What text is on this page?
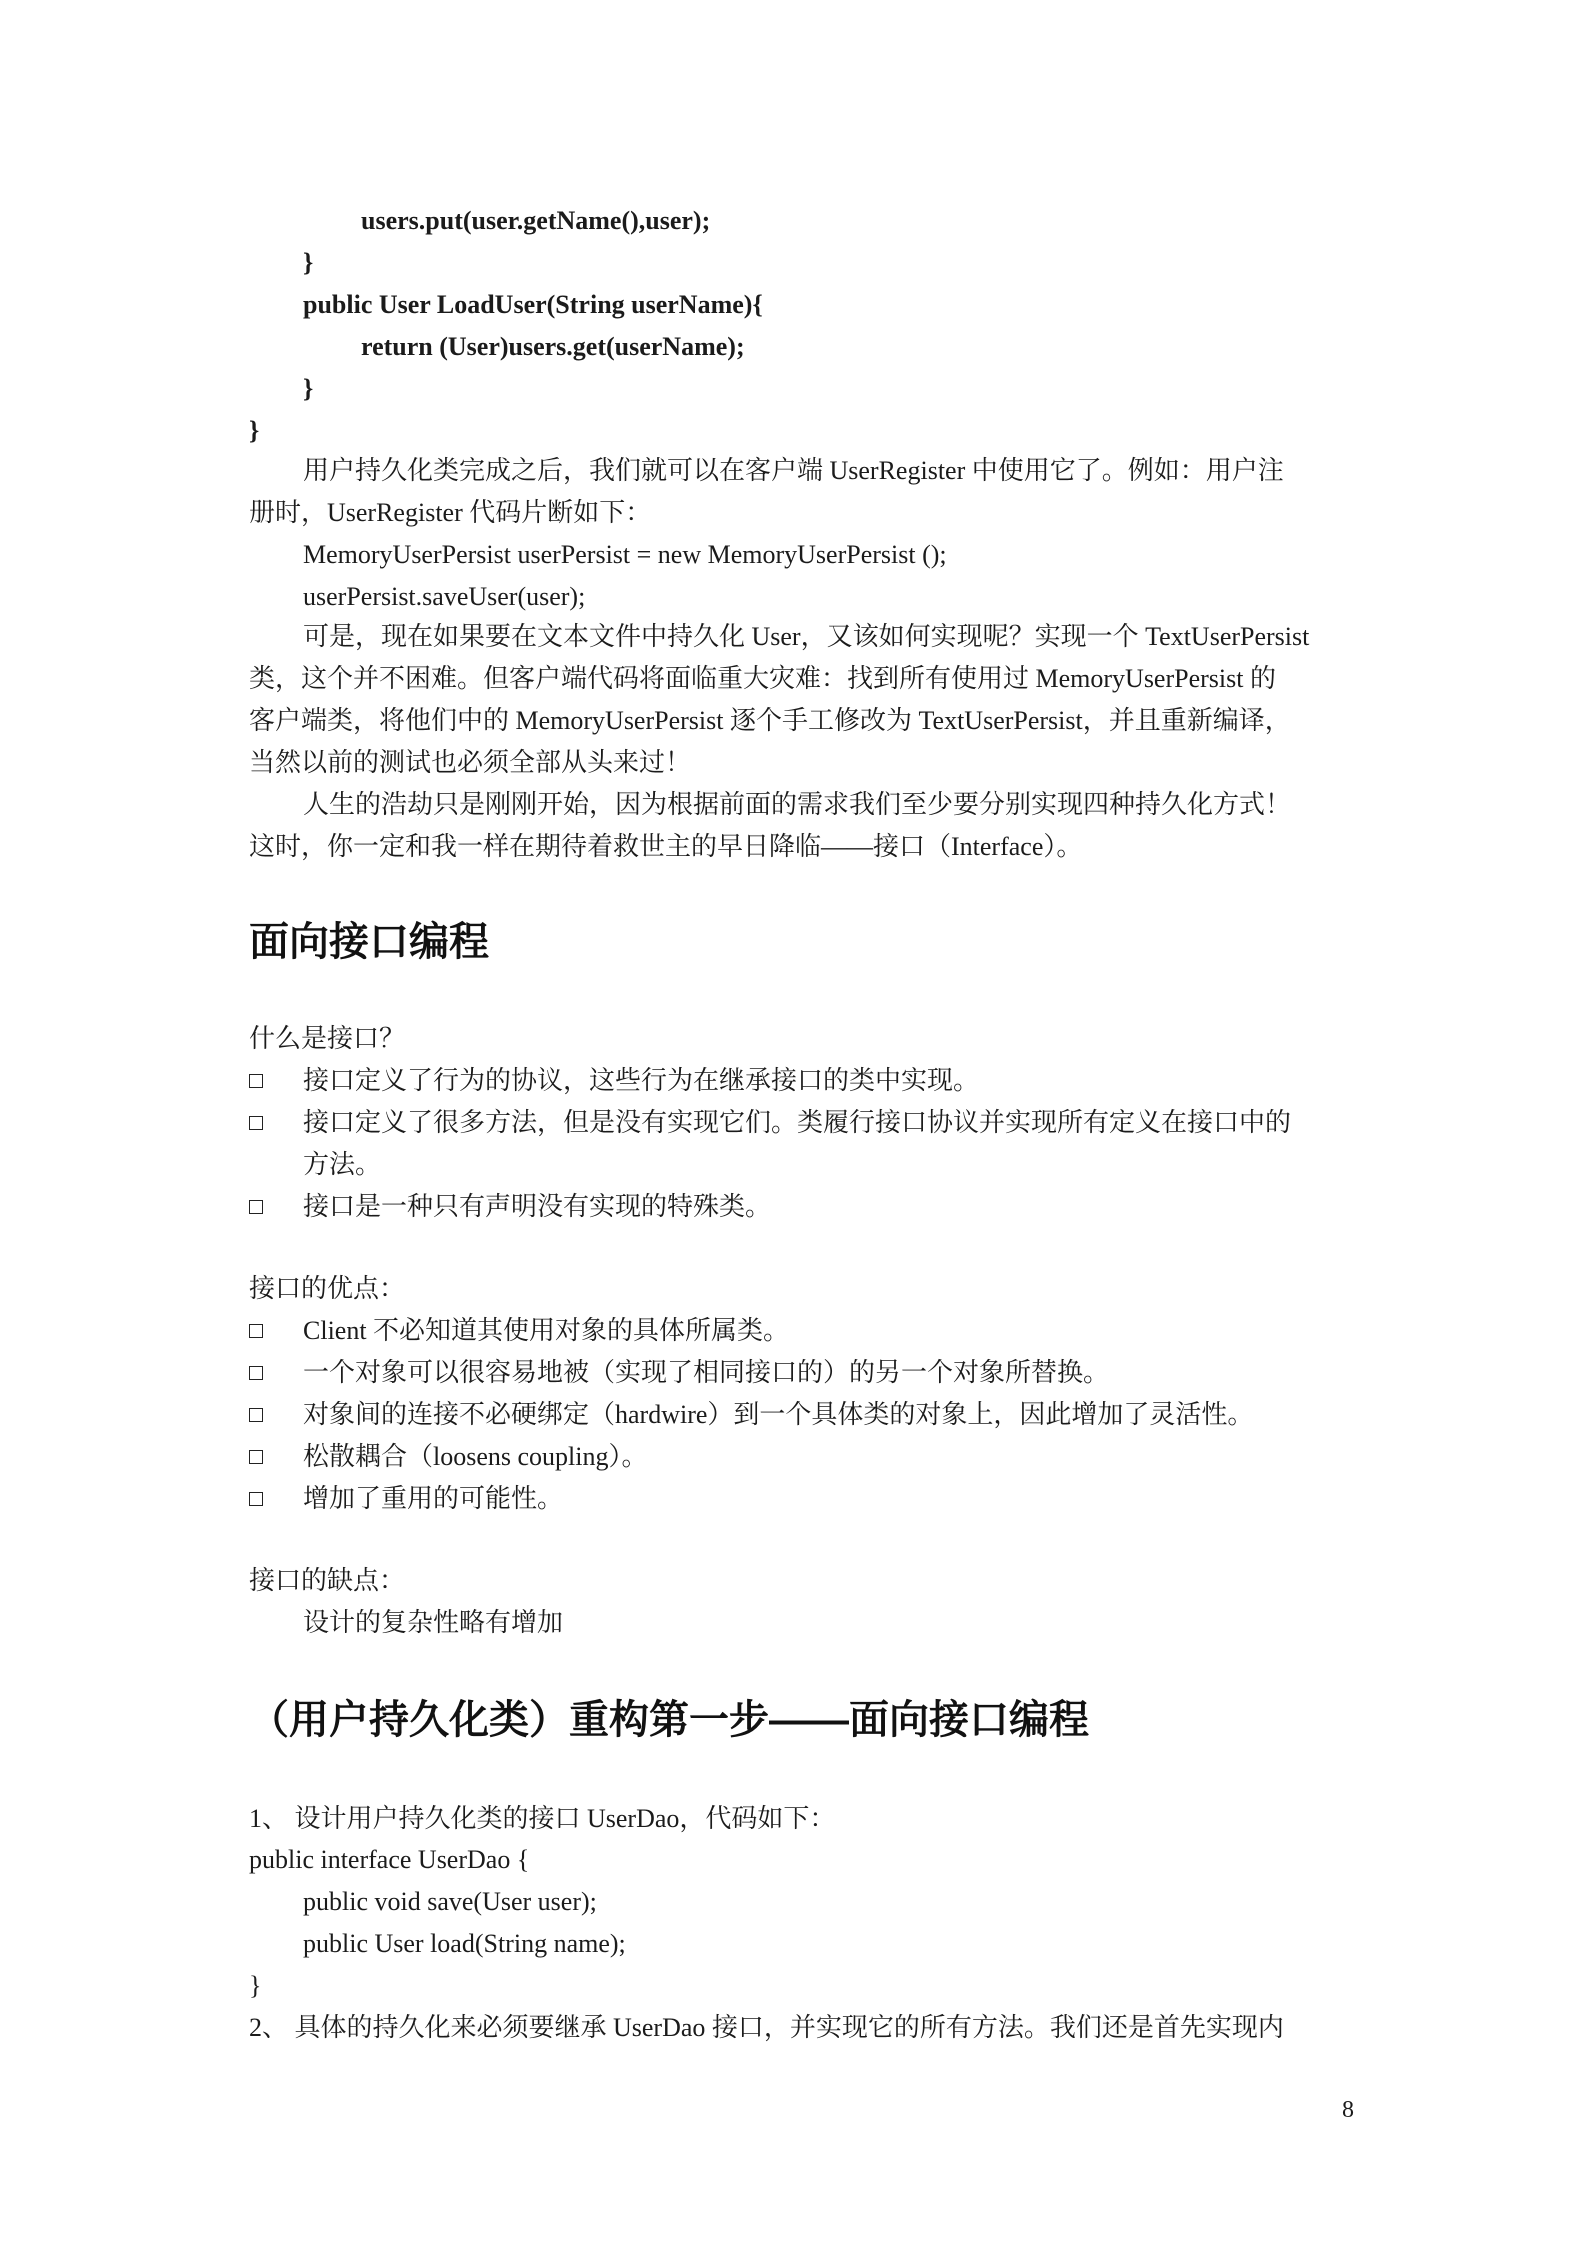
users.put(user.getName(),user);
}
public User LoadUser(String userName){
return (User)users.get(userName);
}
}
用户持久化类完成之后，我们就可以在客户端 UserRegister 中使用它了。例如：用户注
册时，UserRegister 代码片断如下：
MemoryUserPersist userPersist = new MemoryUserPersist ();
userPersist.saveUser(user);
可是，现在如果要在文本文件中持久化 User，又该如何实现呢？实现一个 TextUserPersist
类，这个并不困难。但客户端代码将面临重大灾难：找到所有使用过 MemoryUserPersist 的
客户端类，将他们中的 MemoryUserPersist 逐个手工修改为 TextUserPersist，并且重新编译，
当然以前的测试也必须全部从头来过！
人生的浩劫只是刚刚开始，因为根据前面的需求我们至少要分别实现四种持久化方式！
这时，你一定和我一样在期待着救世主的早日降临——接口（Interface）。
面向接口编程
什么是接口？
接口定义了行为的协议，这些行为在继承接口的类中实现。
接口定义了很多方法，但是没有实现它们。类履行接口协议并实现所有定义在接口中的
方法。
接口是一种只有声明没有实现的特殊类。
接口的优点：
Client 不必知道其使用对象的具体所属类。
一个对象可以很容易地被（实现了相同接口的）的另一个对象所替换。
对象间的连接不必硬绑定（hardwire）到一个具体类的对象上，因此增加了灵活性。
松散耦合（loosens coupling）。
增加了重用的可能性。
接口的缺点：
设计的复杂性略有增加
（用户持久化类）重构第一步——面向接口编程
1、 设计用户持久化类的接口 UserDao，代码如下：
public interface UserDao {
public void save(User user);
public User load(String name);
}
2、 具体的持久化来必须要继承 UserDao 接口，并实现它的所有方法。我们还是首先实现内
8
